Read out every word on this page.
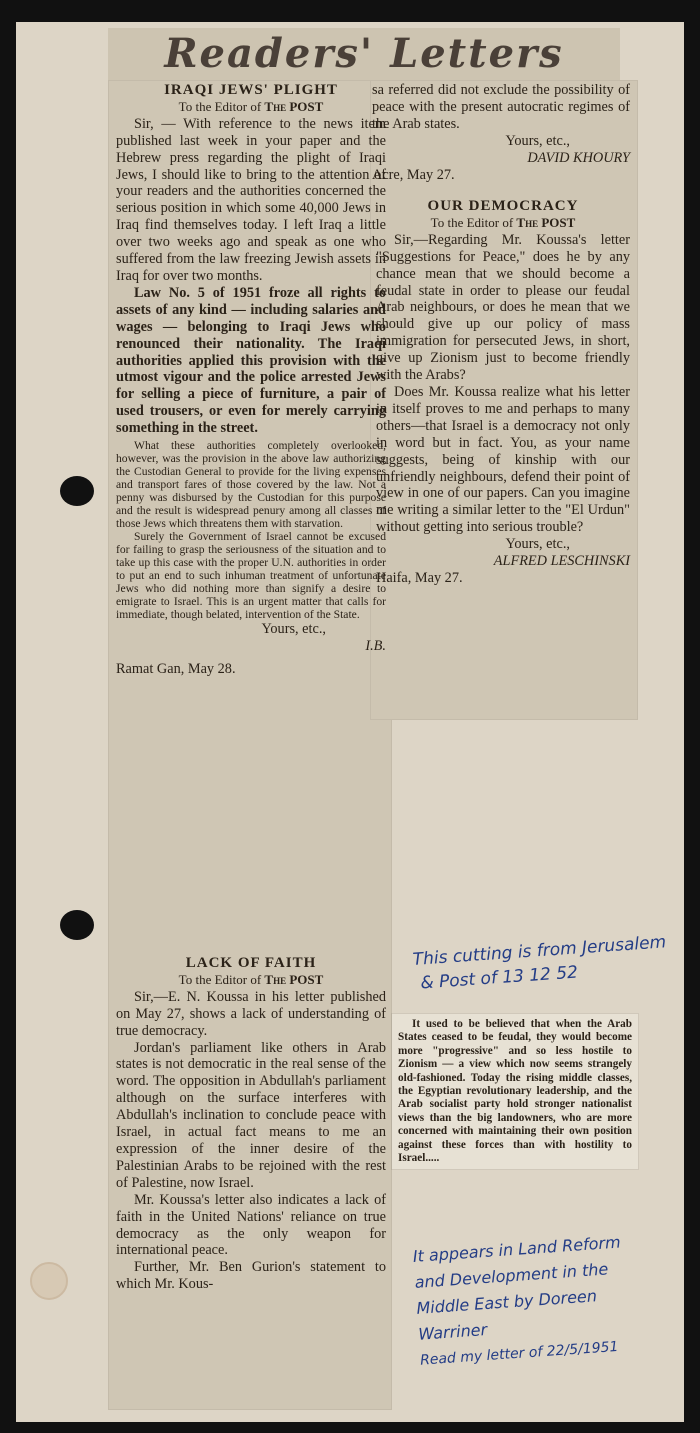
Readers' Letters

IRAQI JEWS' PLIGHT

To the Editor of The POST

Sir, — With reference to the news item published last week in your paper and the Hebrew press regarding the plight of Iraqi Jews, I should like to bring to the attention of your readers and the authorities concerned the serious position in which some 40,000 Jews in Iraq find themselves today. I left Iraq a little over two weeks ago and speak as one who suffered from the law freezing Jewish assets in Iraq for over two months.

Law No. 5 of 1951 froze all rights to assets of any kind — including salaries and wages — belonging to Iraqi Jews who renounced their nationality. The Iraqi authorities applied this provision with the utmost vigour and the police arrested Jews for selling a piece of furniture, a pair of used trousers, or even for merely carrying something in the street.

What these authorities completely overlooked, however, was the provision in the above law authorizing the Custodian General to provide for the living expenses and transport fares of those covered by the law. Not a penny was disbursed by the Custodian for this purpose and the result is widespread penury among all classes of those Jews which threatens them with starvation.

Surely the Government of Israel cannot be excused for failing to grasp the seriousness of the situation and to take up this case with the proper U.N. authorities in order to put an end to such inhuman treatment of unfortunate Jews who did nothing more than signify a desire to emigrate to Israel. This is an urgent matter that calls for immediate, though belated, intervention of the State.

Yours, etc.,

I.B.

Ramat Gan, May 28.

LACK OF FAITH

To the Editor of The POST

Sir,—E. N. Koussa in his letter published on May 27, shows a lack of understanding of true democracy.

Jordan's parliament like others in Arab states is not democratic in the real sense of the word. The opposition in Abdullah's parliament although on the surface interferes with Abdullah's inclination to conclude peace with Israel, in actual fact means to me an expression of the inner desire of the Palestinian Arabs to be rejoined with the rest of Palestine, now Israel.

Mr. Koussa's letter also indicates a lack of faith in the United Nations' reliance on true democracy as the only weapon for international peace.

Further, Mr. Ben Gurion's statement to which Mr. Kous-

sa referred did not exclude the possibility of peace with the present autocratic regimes of the Arab states.

Yours, etc.,

DAVID KHOURY

Acre, May 27.

OUR DEMOCRACY

To the Editor of The POST

Sir,—Regarding Mr. Koussa's letter "Suggestions for Peace," does he by any chance mean that we should become a feudal state in order to please our feudal Arab neighbours, or does he mean that we should give up our policy of mass immigration for persecuted Jews, in short, give up Zionism just to become friendly with the Arabs?

Does Mr. Koussa realize what his letter in itself proves to me and perhaps to many others—that Israel is a democracy not only in word but in fact. You, as your name suggests, being of kinship with our unfriendly neighbours, defend their point of view in one of our papers. Can you imagine me writing a similar letter to the "El Urdun" without getting into serious trouble?

Yours, etc.,

ALFRED LESCHINSKI

Haifa, May 27.

It used to be believed that when the Arab States ceased to be feudal, they would become more "progressive" and so less hostile to Zionism — a view which now seems strangely old-fashioned. Today the rising middle classes, the Egyptian revolutionary leadership, and the Arab socialist party hold stronger nationalist views than the big landowners, who are more concerned with maintaining their own position against these forces than with hostility to Israel.....

This cutting is from Jerusalem
& Post of 13 12 52
It appears in Land Reform
and Development in the
Middle East by Doreen
Warriner
Read my letter of 22/5/1951
